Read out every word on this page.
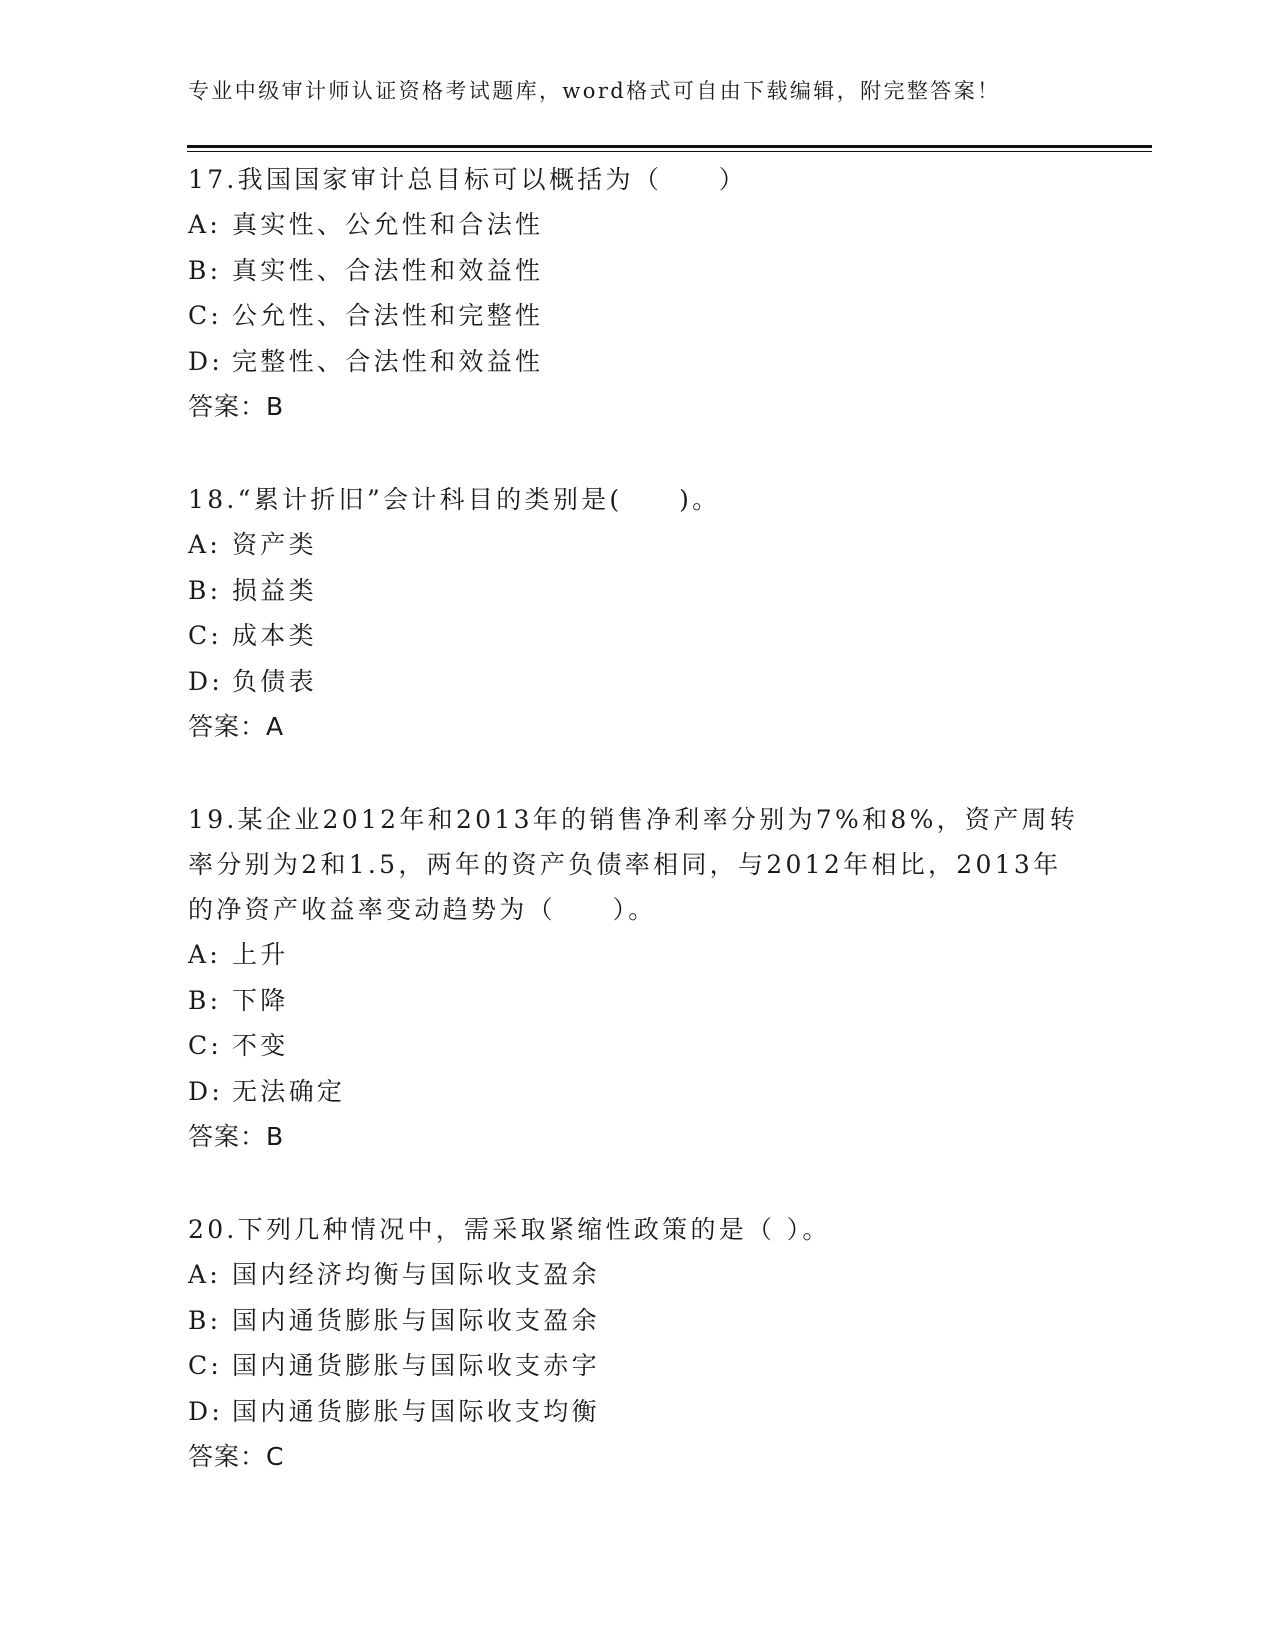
专业中级审计师认证资格考试题库，word格式可自由下载编辑，附完整答案！
17.我国国家审计总目标可以概括为（　　）
A: 真实性、公允性和合法性
B: 真实性、合法性和效益性
C: 公允性、合法性和完整性
D: 完整性、合法性和效益性
答案：B
18.“累计折旧”会计科目的类别是(　　)。
A: 资产类
B: 损益类
C: 成本类
D: 负债表
答案：A
19.某企业2012年和2013年的销售净利率分别为7%和8%，资产周转率分别为2和1.5，两年的资产负债率相同，与2012年相比，2013年的净资产收益率变动趋势为（　　）。
A: 上升
B: 下降
C: 不变
D: 无法确定
答案：B
20.下列几种情况中，需采取紧缩性政策的是（ ）。
A: 国内经济均衡与国际收支盈余
B: 国内通货膨胀与国际收支盈余
C: 国内通货膨胀与国际收支赤字
D: 国内通货膨胀与国际收支均衡
答案：C
